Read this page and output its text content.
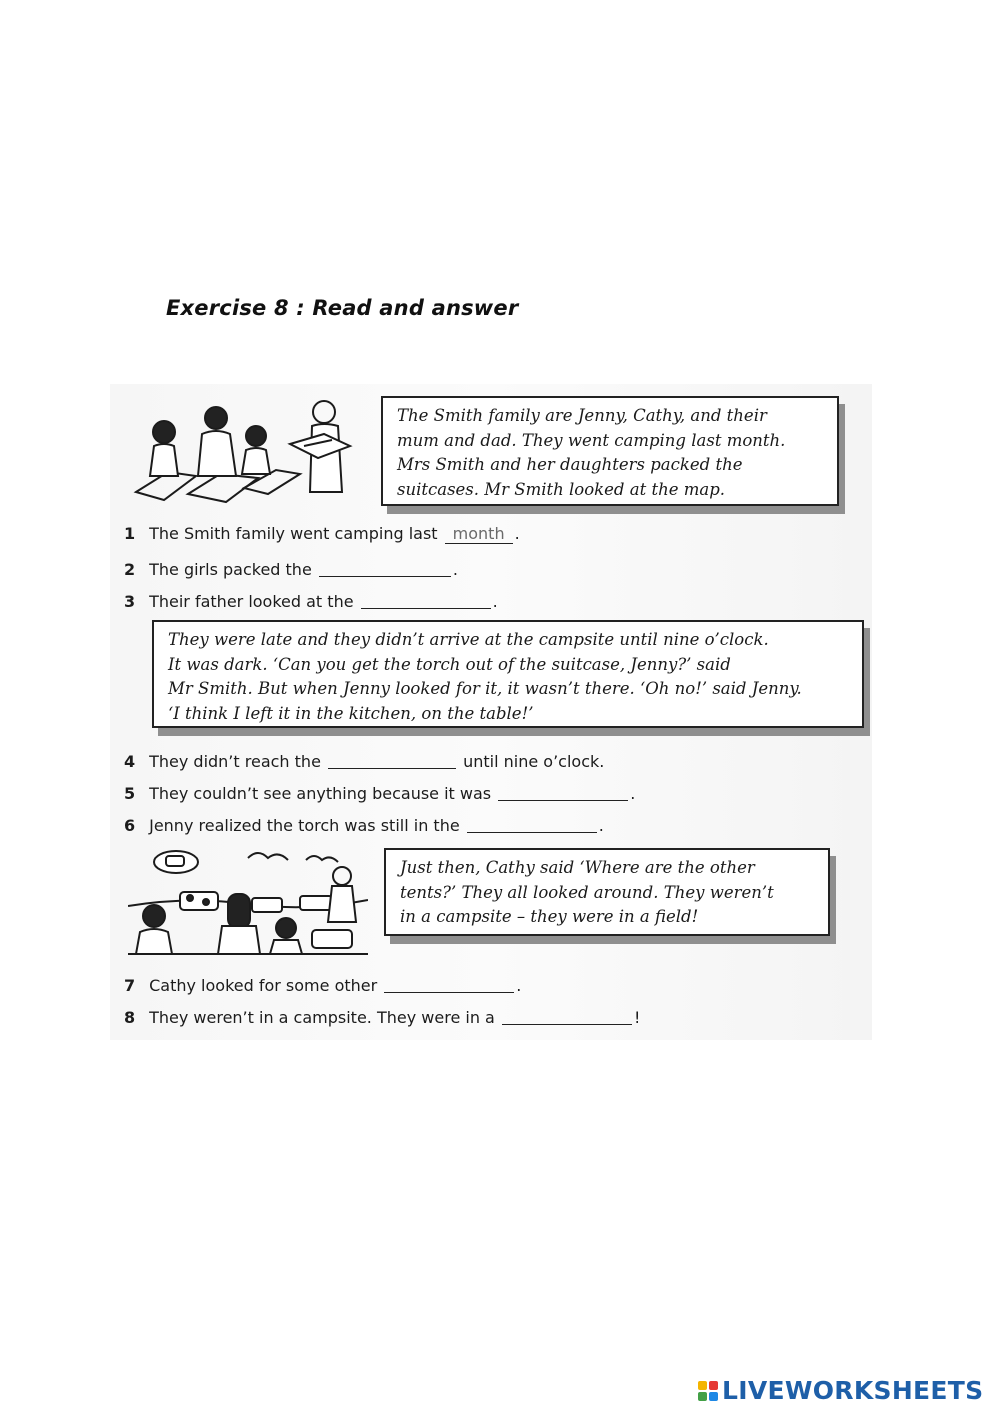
Exercise 8 : Read and answer
The Smith family are Jenny, Cathy, and their
mum and dad. They went camping last month.
Mrs Smith and her daughters packed the
suitcases. Mr Smith looked at the map.
1 The Smith family went camping last month .
2 The girls packed the	.
3 Their father looked at the	.
They were late and they didn’t arrive at the campsite until nine o’clock.
It was dark. ‘Can you get the torch out of the suitcase, Jenny?’ said
Mr Smith. But when Jenny looked for it, it wasn’t there. ‘Oh no!’ said Jenny.
‘I think I left it in the kitchen, on the table!’
4 They didn’t reach the	until nine o’clock.
5 They couldn’t see anything because it was	.
6 Jenny realized the torch was still in the	.
Just then, Cathy said ‘Where are the other
tents?’ They all looked around. They weren’t
in a campsite – they were in a field!
7 Cathy looked for some other	.
8 They weren’t in a campsite. They were in a	!
LIVEWORKSHEETS
